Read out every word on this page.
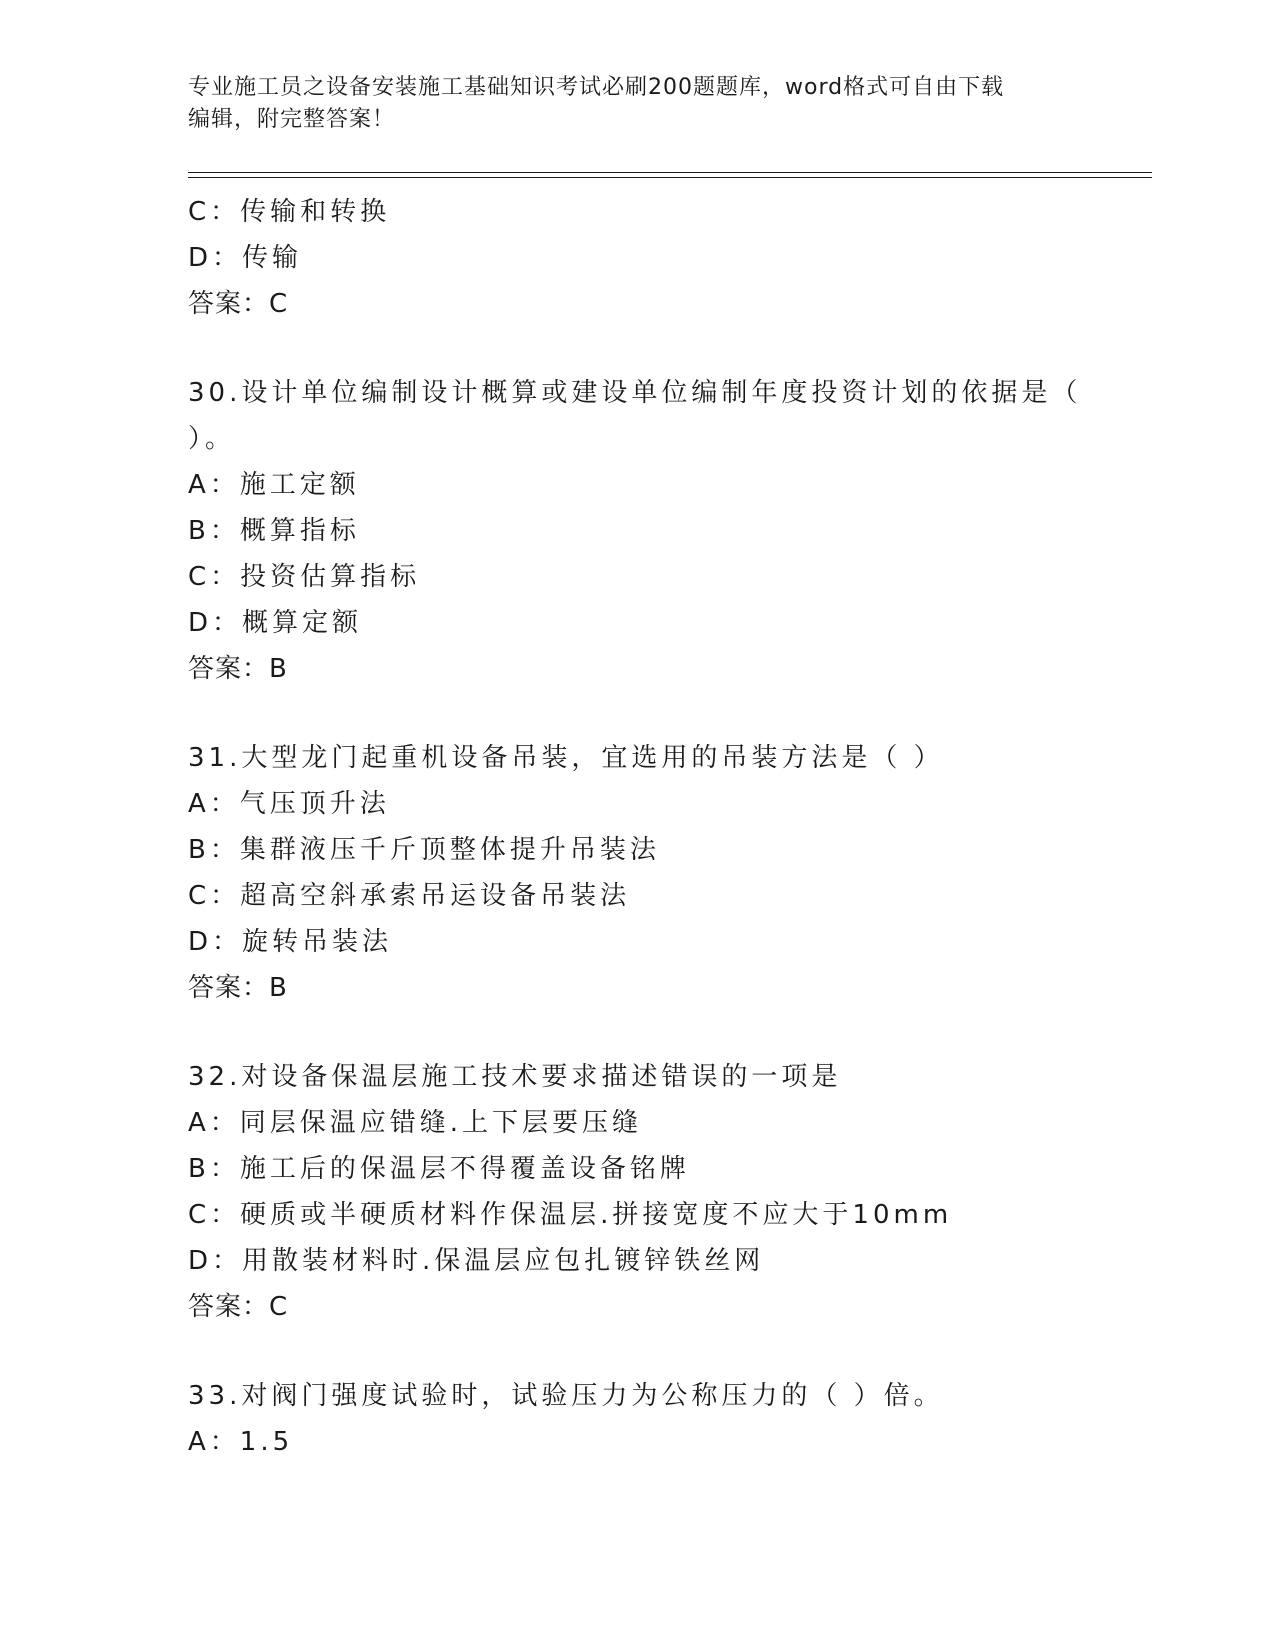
专业施工员之设备安装施工基础知识考试必刷200题题库，word格式可自由下载
编辑，附完整答案！
C：传输和转换
D：传输
答案：C
30.设计单位编制设计概算或建设单位编制年度投资计划的依据是（
）。
A：施工定额
B：概算指标
C：投资估算指标
D：概算定额
答案：B
31.大型龙门起重机设备吊装，宜选用的吊装方法是（ ）
A：气压顶升法
B：集群液压千斤顶整体提升吊装法
C：超高空斜承索吊运设备吊装法
D：旋转吊装法
答案：B
32.对设备保温层施工技术要求描述错误的一项是
A：同层保温应错缝.上下层要压缝
B：施工后的保温层不得覆盖设备铭牌
C：硬质或半硬质材料作保温层.拼接宽度不应大于10mm
D：用散装材料时.保温层应包扎镀锌铁丝网
答案：C
33.对阀门强度试验时，试验压力为公称压力的（ ）倍。
A：1.5
